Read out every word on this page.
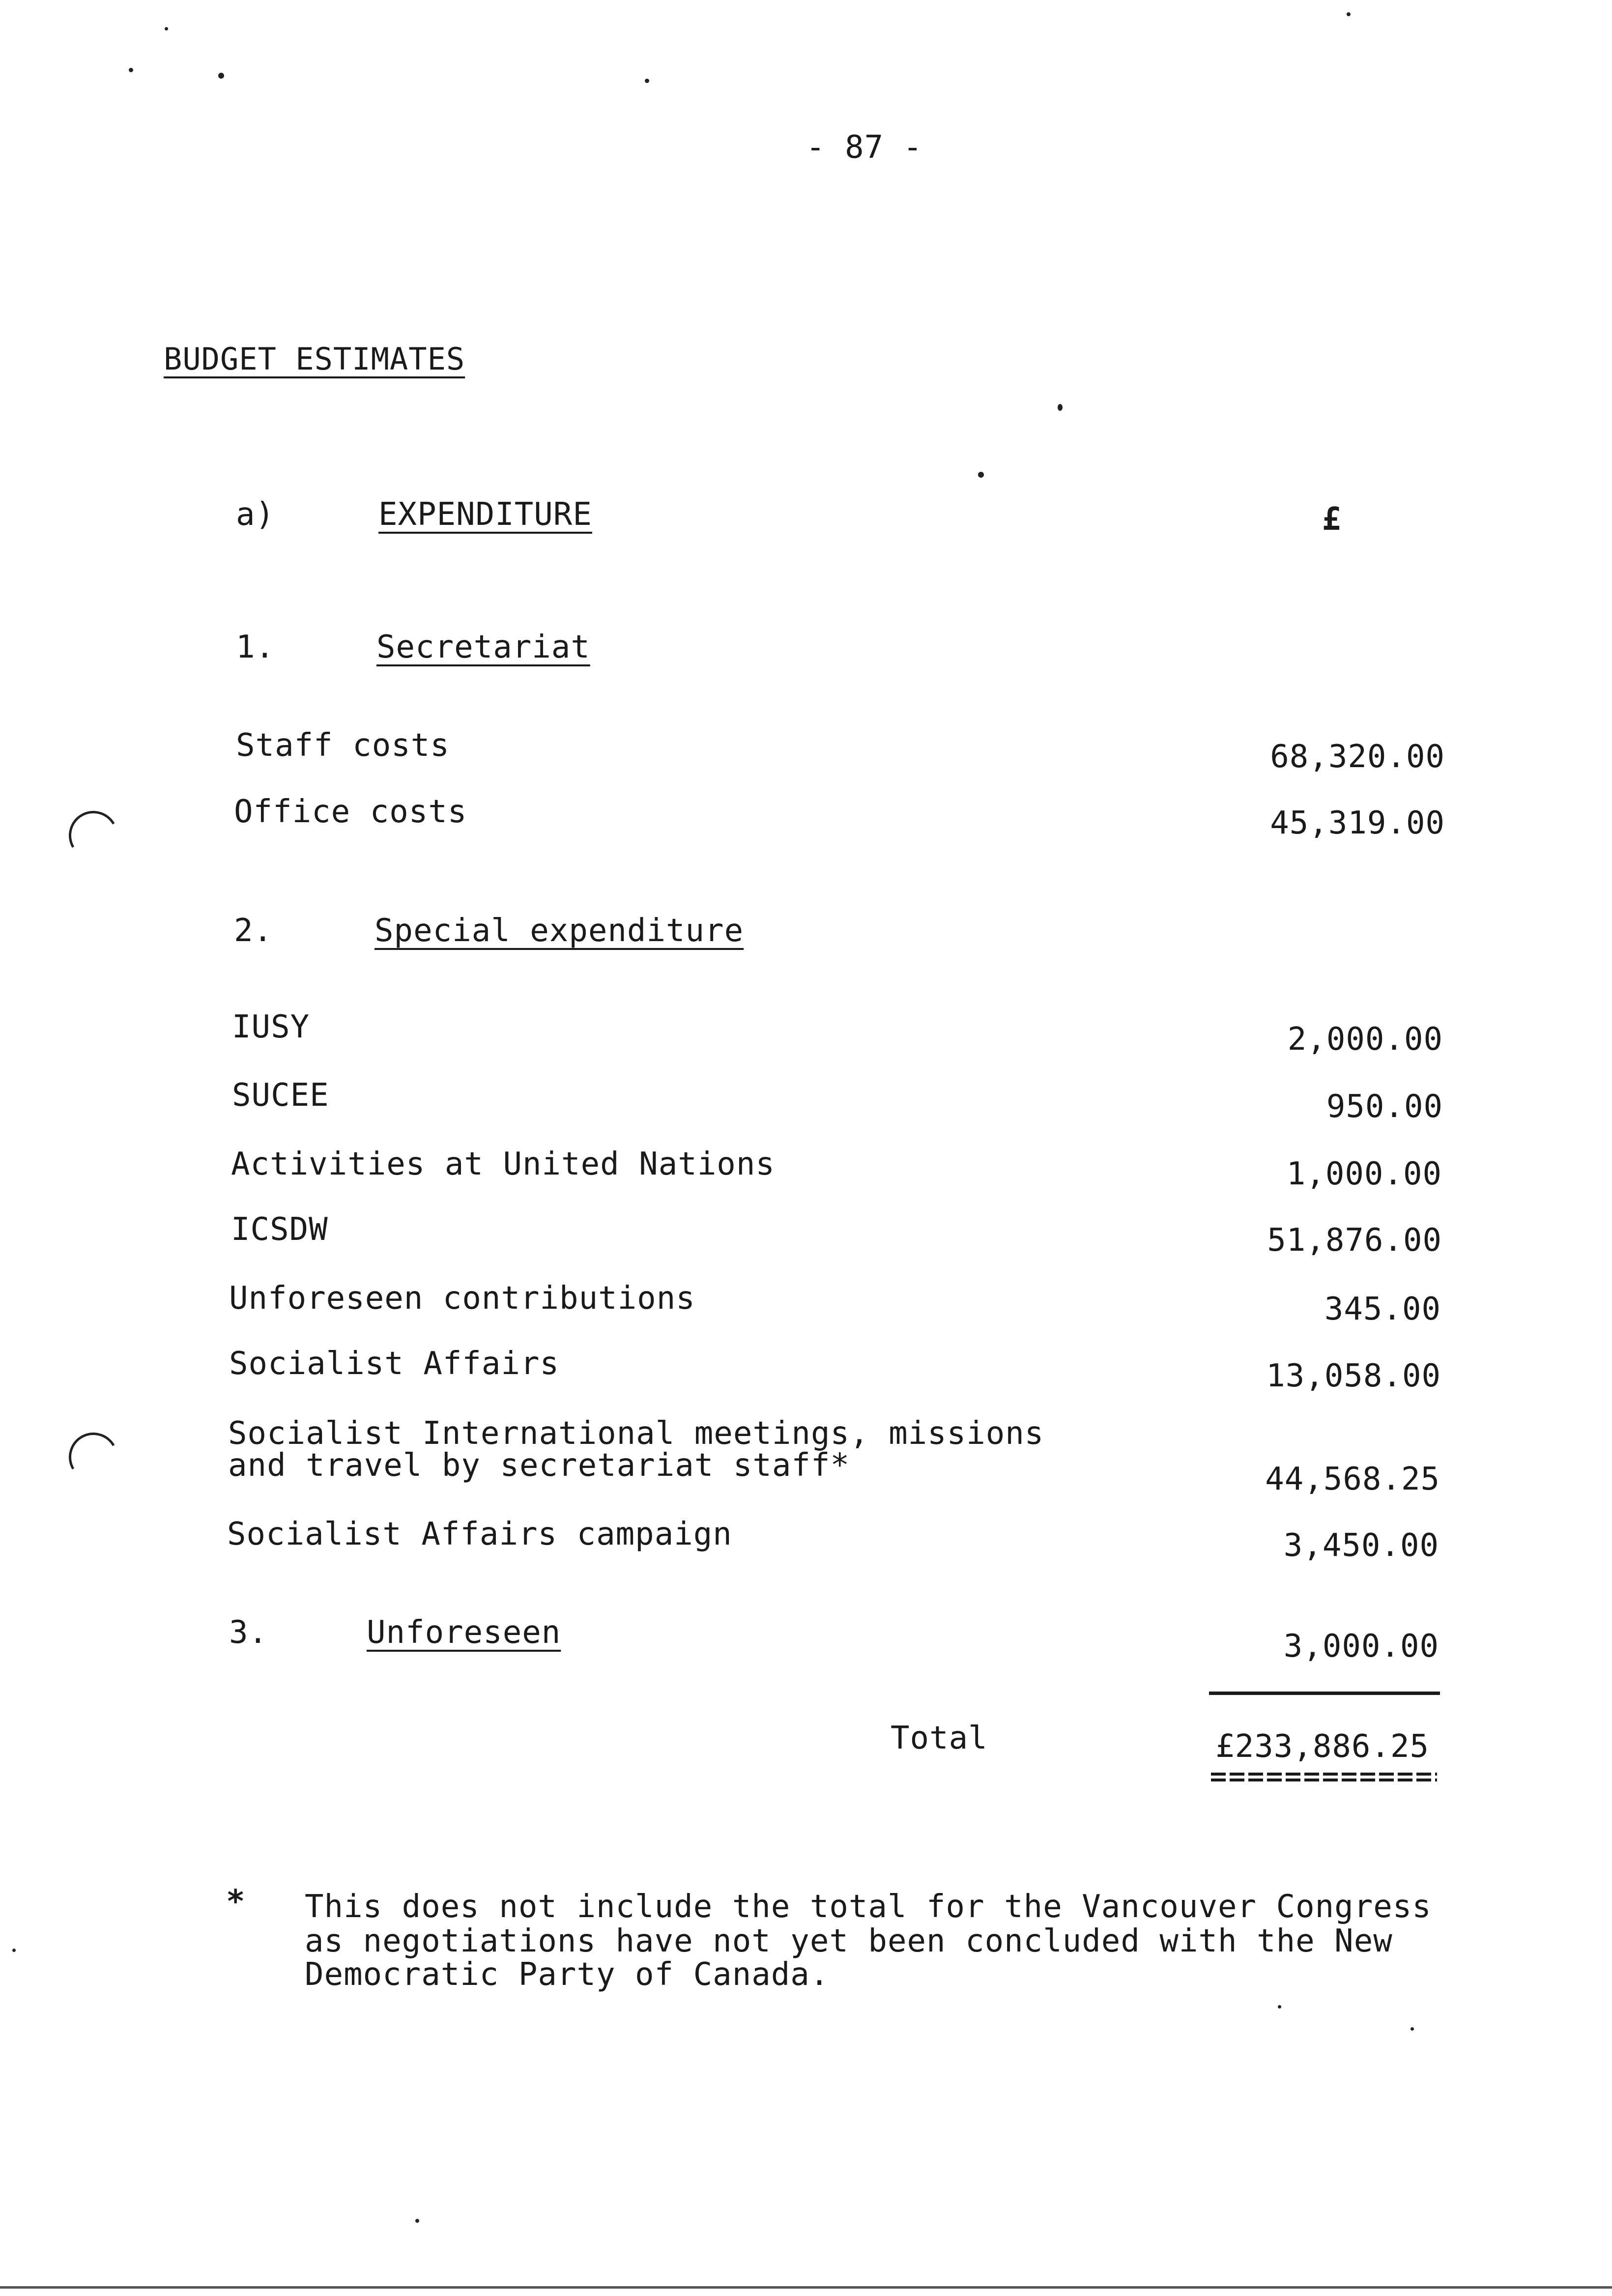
- 87 -
BUDGET ESTIMATES
a)	EXPENDITURE	£
1.	Secretariat
Staff costs	68,320.00
Office costs	45,319.00
2.	Special expenditure
IUSY	2,000.00
SUCEE	950.00
Activities at United Nations	1,000.00
ICSDW	51,876.00
Unforeseen contributions	345.00
Socialist Affairs	13,058.00
Socialist International meetings, missions
and travel by secretariat staff*	44,568.25
Socialist Affairs campaign	3,450.00
3.	Unforeseen	3,000.00
Total	£233,886.25
* This does not include the total for the Vancouver Congress
as negotiations have not yet been concluded with the New
Democratic Party of Canada.
